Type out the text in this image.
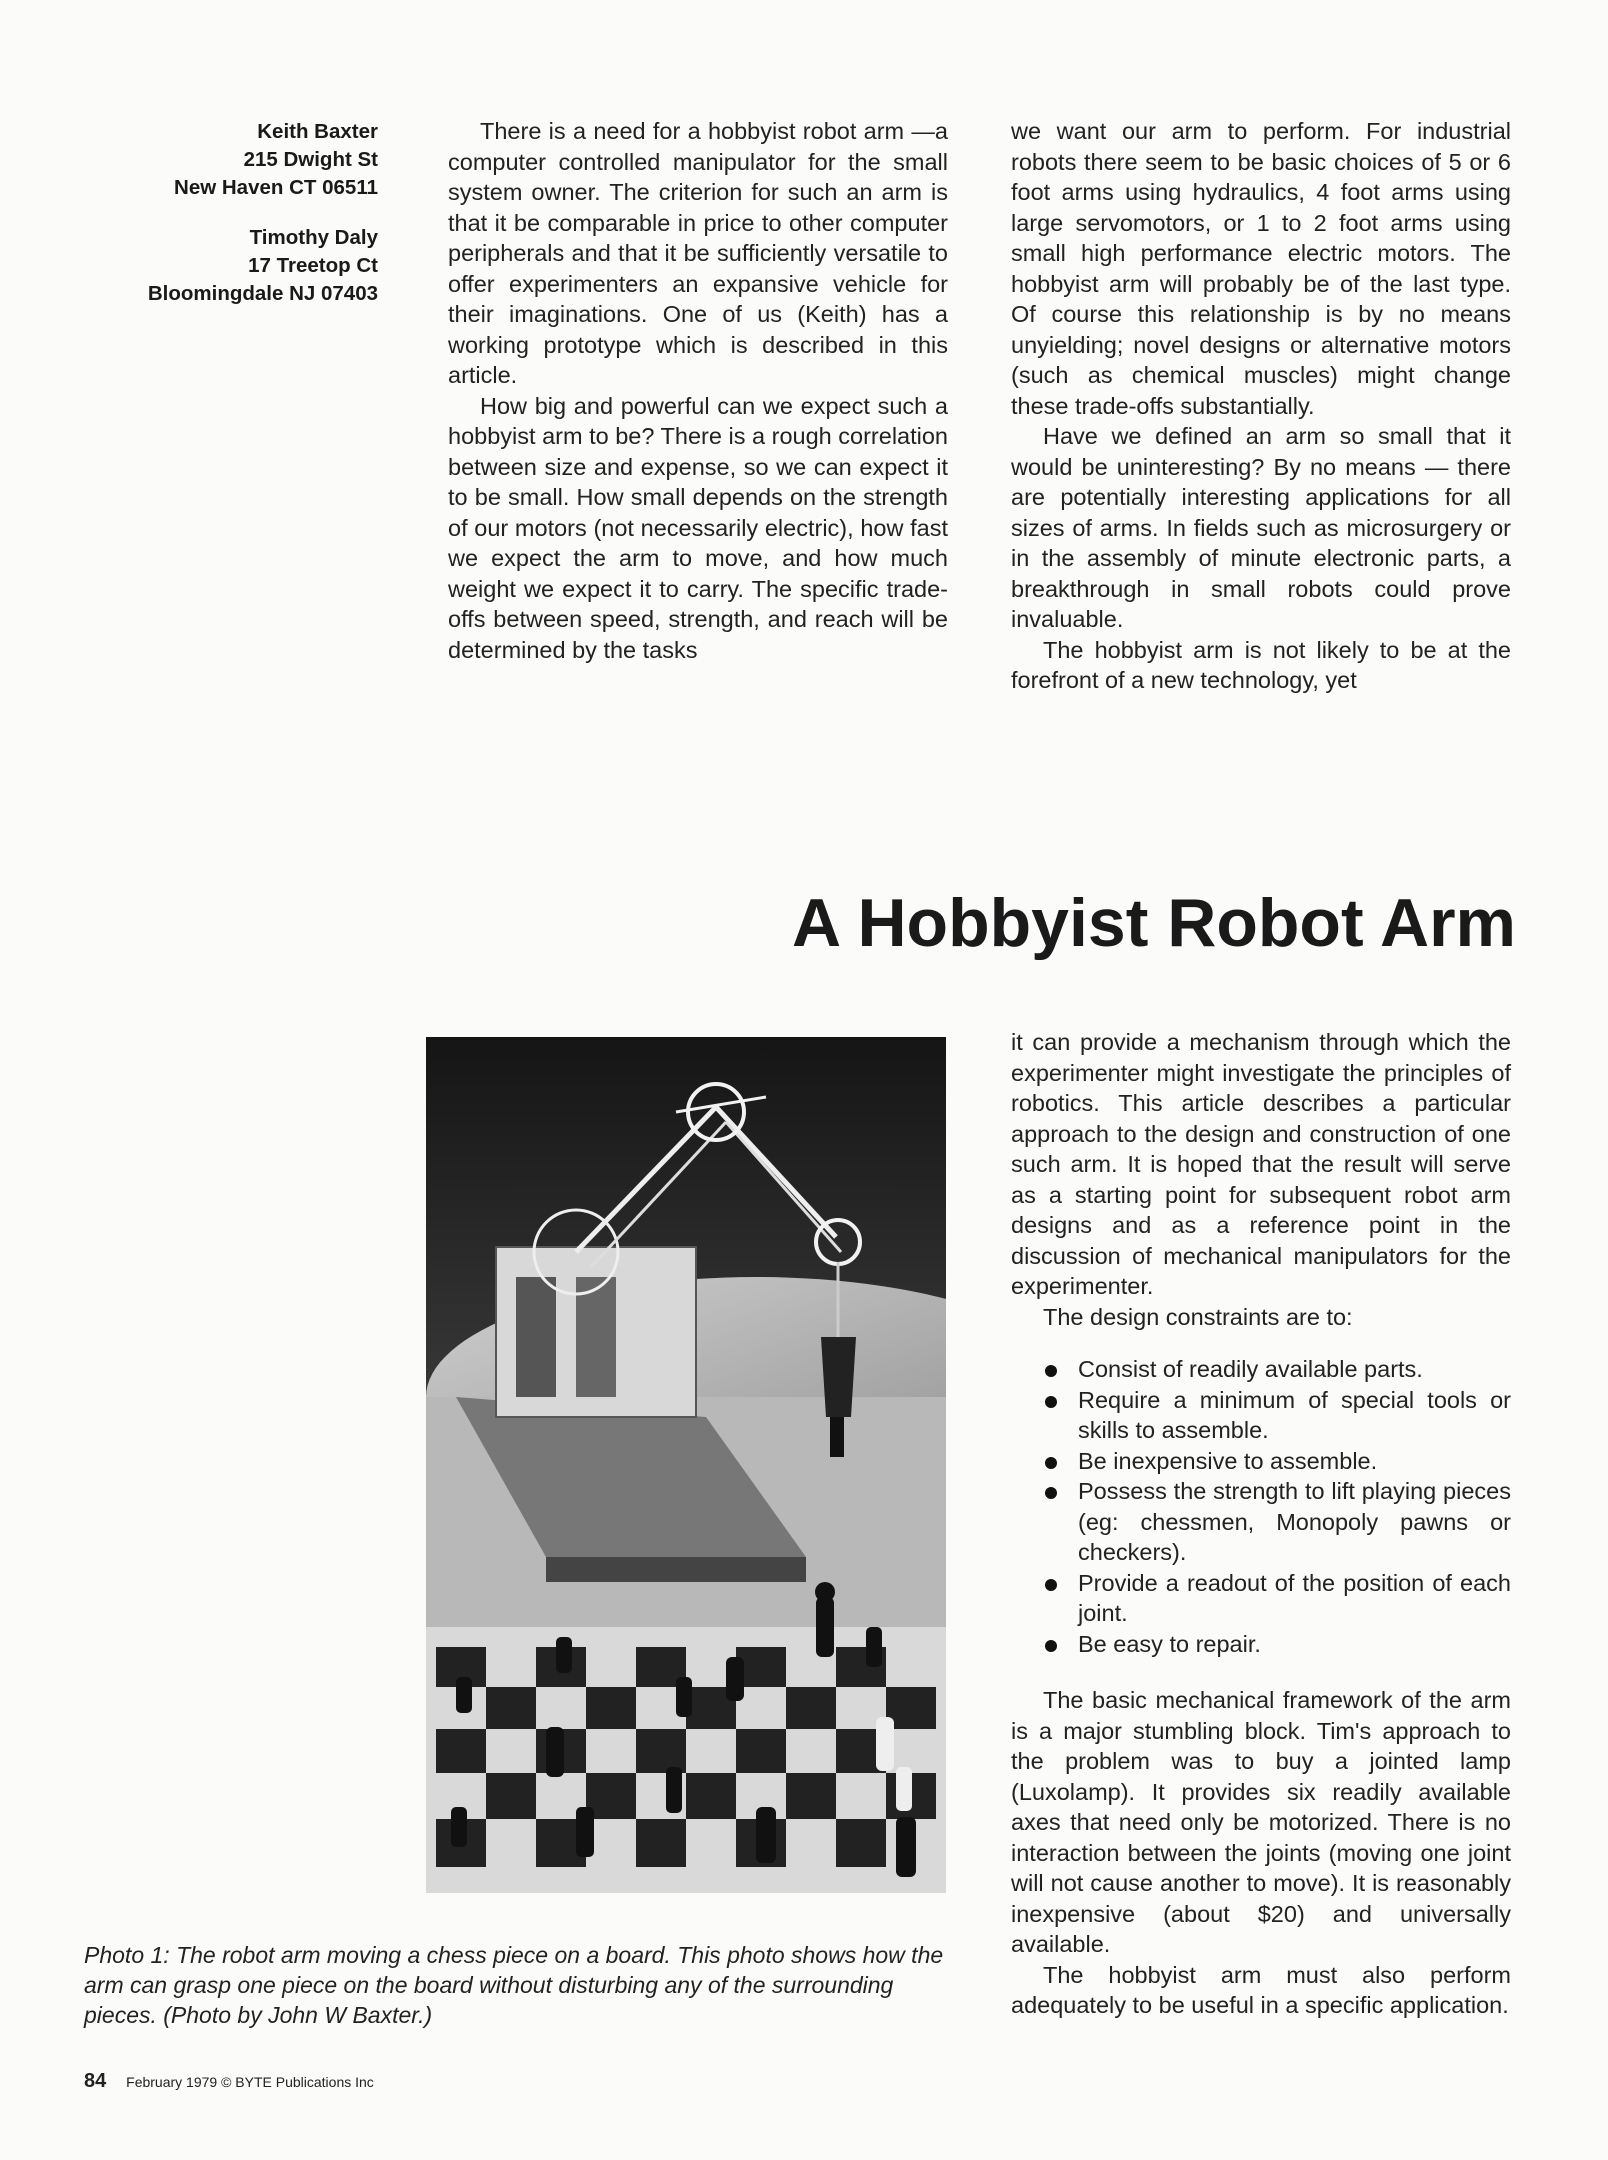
Keith Baxter
215 Dwight St
New Haven CT 06511
Timothy Daly
17 Treetop Ct
Bloomingdale NJ 07403

There is a need for a hobbyist robot arm —a computer controlled manipulator for the small system owner. The criterion for such an arm is that it be comparable in price to other computer peripherals and that it be sufficiently versatile to offer experimenters an expansive vehicle for their imaginations. One of us (Keith) has a working prototype which is described in this article.

How big and powerful can we expect such a hobbyist arm to be? There is a rough correlation between size and expense, so we can expect it to be small. How small depends on the strength of our motors (not necessarily electric), how fast we expect the arm to move, and how much weight we expect it to carry. The specific trade-offs between speed, strength, and reach will be determined by the tasks

we want our arm to perform. For industrial robots there seem to be basic choices of 5 or 6 foot arms using hydraulics, 4 foot arms using large servomotors, or 1 to 2 foot arms using small high performance electric motors. The hobbyist arm will probably be of the last type. Of course this relationship is by no means unyielding; novel designs or alternative motors (such as chemical muscles) might change these trade-offs substantially.

Have we defined an arm so small that it would be uninteresting? By no means — there are potentially interesting applications for all sizes of arms. In fields such as microsurgery or in the assembly of minute electronic parts, a breakthrough in small robots could prove invaluable.

The hobbyist arm is not likely to be at the forefront of a new technology, yet

A Hobbyist Robot Arm
Photo 1: The robot arm moving a chess piece on a board. This photo shows how the arm can grasp one piece on the board without disturbing any of the surrounding pieces. (Photo by John W Baxter.)

it can provide a mechanism through which the experimenter might investigate the principles of robotics. This article describes a particular approach to the design and construction of one such arm. It is hoped that the result will serve as a starting point for subsequent robot arm designs and as a reference point in the discussion of mechanical manipulators for the experimenter.

The design constraints are to:

Consist of readily available parts.
Require a minimum of special tools or skills to assemble.
Be inexpensive to assemble.
Possess the strength to lift playing pieces (eg: chessmen, Monopoly pawns or checkers).
Provide a readout of the position of each joint.
Be easy to repair.

The basic mechanical framework of the arm is a major stumbling block. Tim's approach to the problem was to buy a jointed lamp (Luxolamp). It provides six readily available axes that need only be motorized. There is no interaction between the joints (moving one joint will not cause another to move). It is reasonably inexpensive (about $20) and universally available.

The hobbyist arm must also perform adequately to be useful in a specific application.

84 February 1979 © BYTE Publications Inc
